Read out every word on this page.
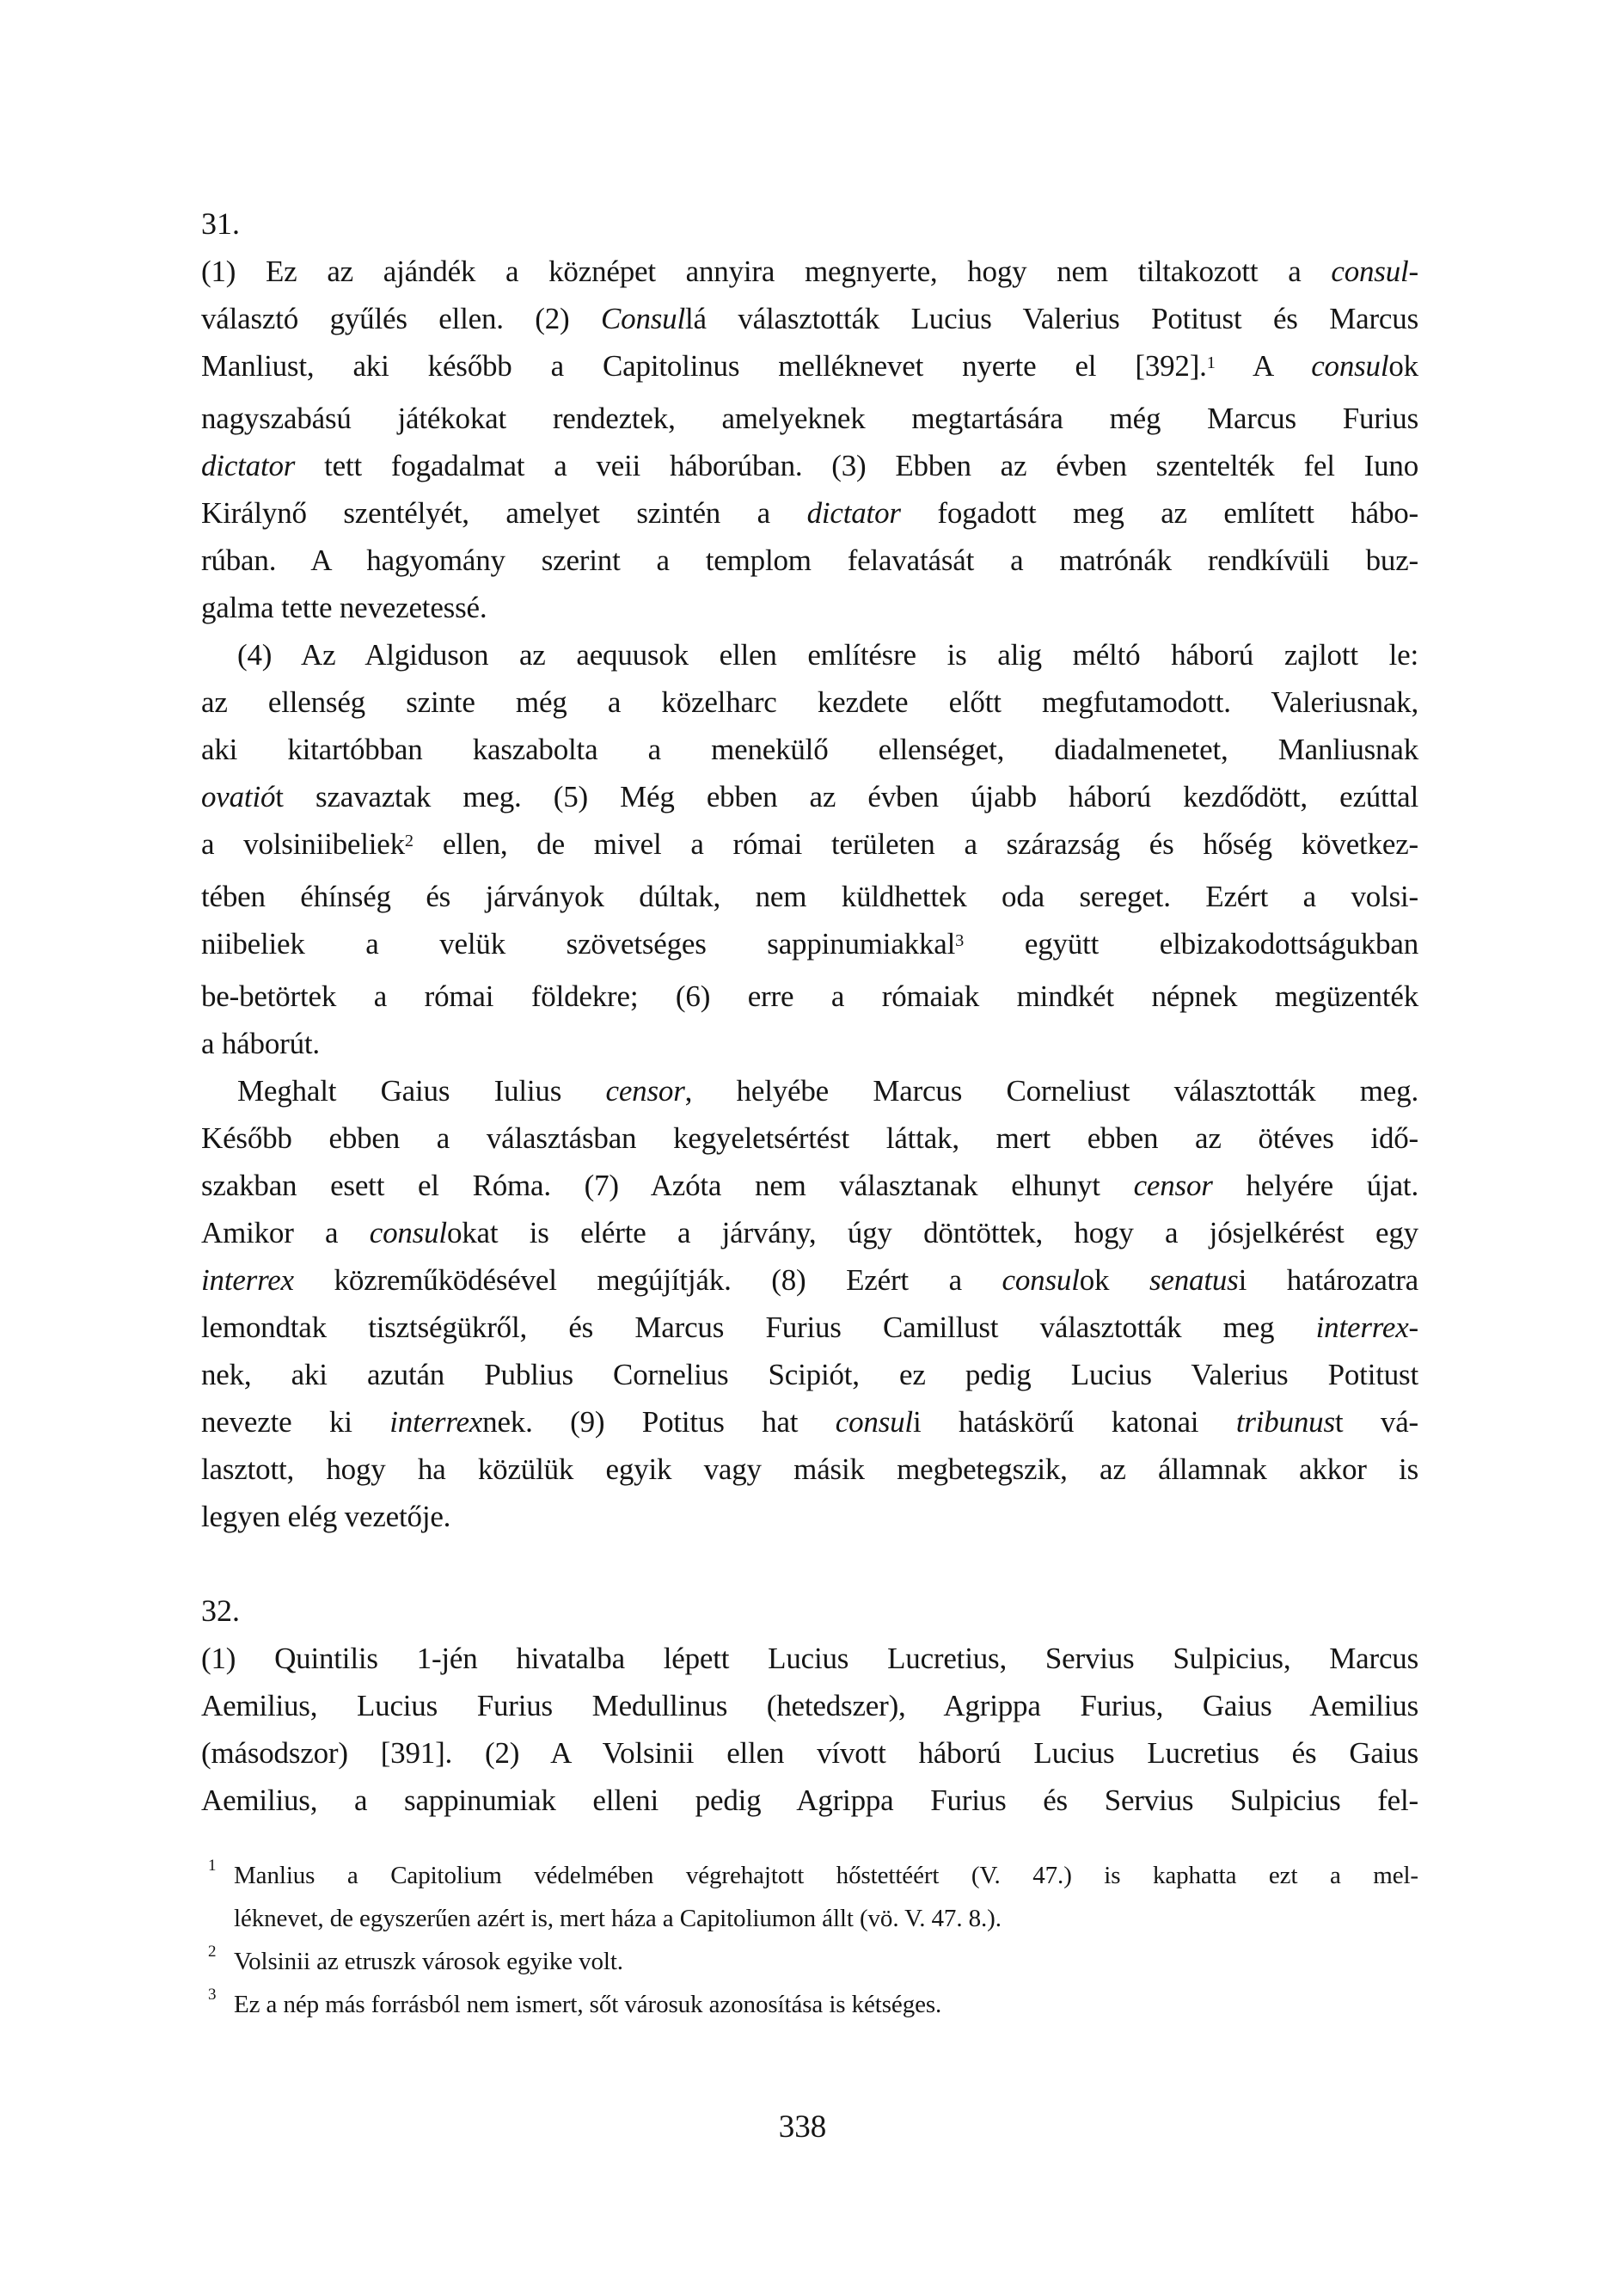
31.
(1) Ez az ajándék a köznépet annyira megnyerte, hogy nem tiltakozott a consul-
választó gyűlés ellen. (2) Consullá választották Lucius Valerius Potitust és Marcus
Manliust, aki később a Capitolinus melléknevet nyerte el [392].$^1$ A consulok
nagyszabású játékokat rendeztek, amelyeknek megtartására még Marcus Furius
dictator tett fogadalmat a veii háborúban. (3) Ebben az évben szentelték fel Iuno
Királynő szentélyét, amelyet szintén a dictator fogadott meg az említett hábo-
rúban. A hagyomány szerint a templom felavatását a matrónák rendkívüli buz-
galma tette nevezetessé.
(4) Az Algiduson az aequusok ellen említésre is alig méltó háború zajlott le:
az ellenség szinte még a közelharc kezdete előtt megfutamodott. Valeriusnak,
aki kitartóbban kaszabolta a menekülő ellenséget, diadalmenetet, Manliusnak
ovatiót szavaztak meg. (5) Még ebben az évben újabb háború kezdődött, ezúttal
a volsiniibeliek$^2$ ellen, de mivel a római területen a szárazság és hőség következ-
tében éhínség és járványok dúltak, nem küldhettek oda sereget. Ezért a volsi-
niibeliek a velük szövetséges sappinumiakkal$^3$ együtt elbizakodottságukban
be-betörtek a római földekre; (6) erre a rómaiak mindkét népnek megüzenték
a háborút.
Meghalt Gaius Iulius censor, helyébe Marcus Corneliust választották meg.
Később ebben a választásban kegyeletsértést láttak, mert ebben az ötéves idő-
szakban esett el Róma. (7) Azóta nem választanak elhunyt censor helyére újat.
Amikor a consulokat is elérte a járvány, úgy döntöttek, hogy a jósjelkérést egy
interrex közreműködésével megújítják. (8) Ezért a consulok senatusi határozatra
lemondtak tisztségükről, és Marcus Furius Camillust választották meg interrex-
nek, aki azután Publius Cornelius Scipiót, ez pedig Lucius Valerius Potitust
nevezte ki interrexnek. (9) Potitus hat consuli hatáskörű katonai tribunust vá-
lasztott, hogy ha közülük egyik vagy másik megbetegszik, az államnak akkor is
legyen elég vezetője.
32.
(1) Quintilis 1-jén hivatalba lépett Lucius Lucretius, Servius Sulpicius, Marcus
Aemilius, Lucius Furius Medullinus (hetedszer), Agrippa Furius, Gaius Aemilius
(másodszor) [391]. (2) A Volsinii ellen vívott háború Lucius Lucretius és Gaius
Aemilius, a sappinumiak elleni pedig Agrippa Furius és Servius Sulpicius fel-
1 Manlius a Capitolium védelmében végrehajtott hőstettéért (V. 47.) is kaphatta ezt a mel-
léknevet, de egyszerűen azért is, mert háza a Capitoliumon állt (vö. V. 47. 8.).
2 Volsinii az etruszk városok egyike volt.
3 Ez a nép más forrásból nem ismert, sőt városuk azonosítása is kétséges.
338
